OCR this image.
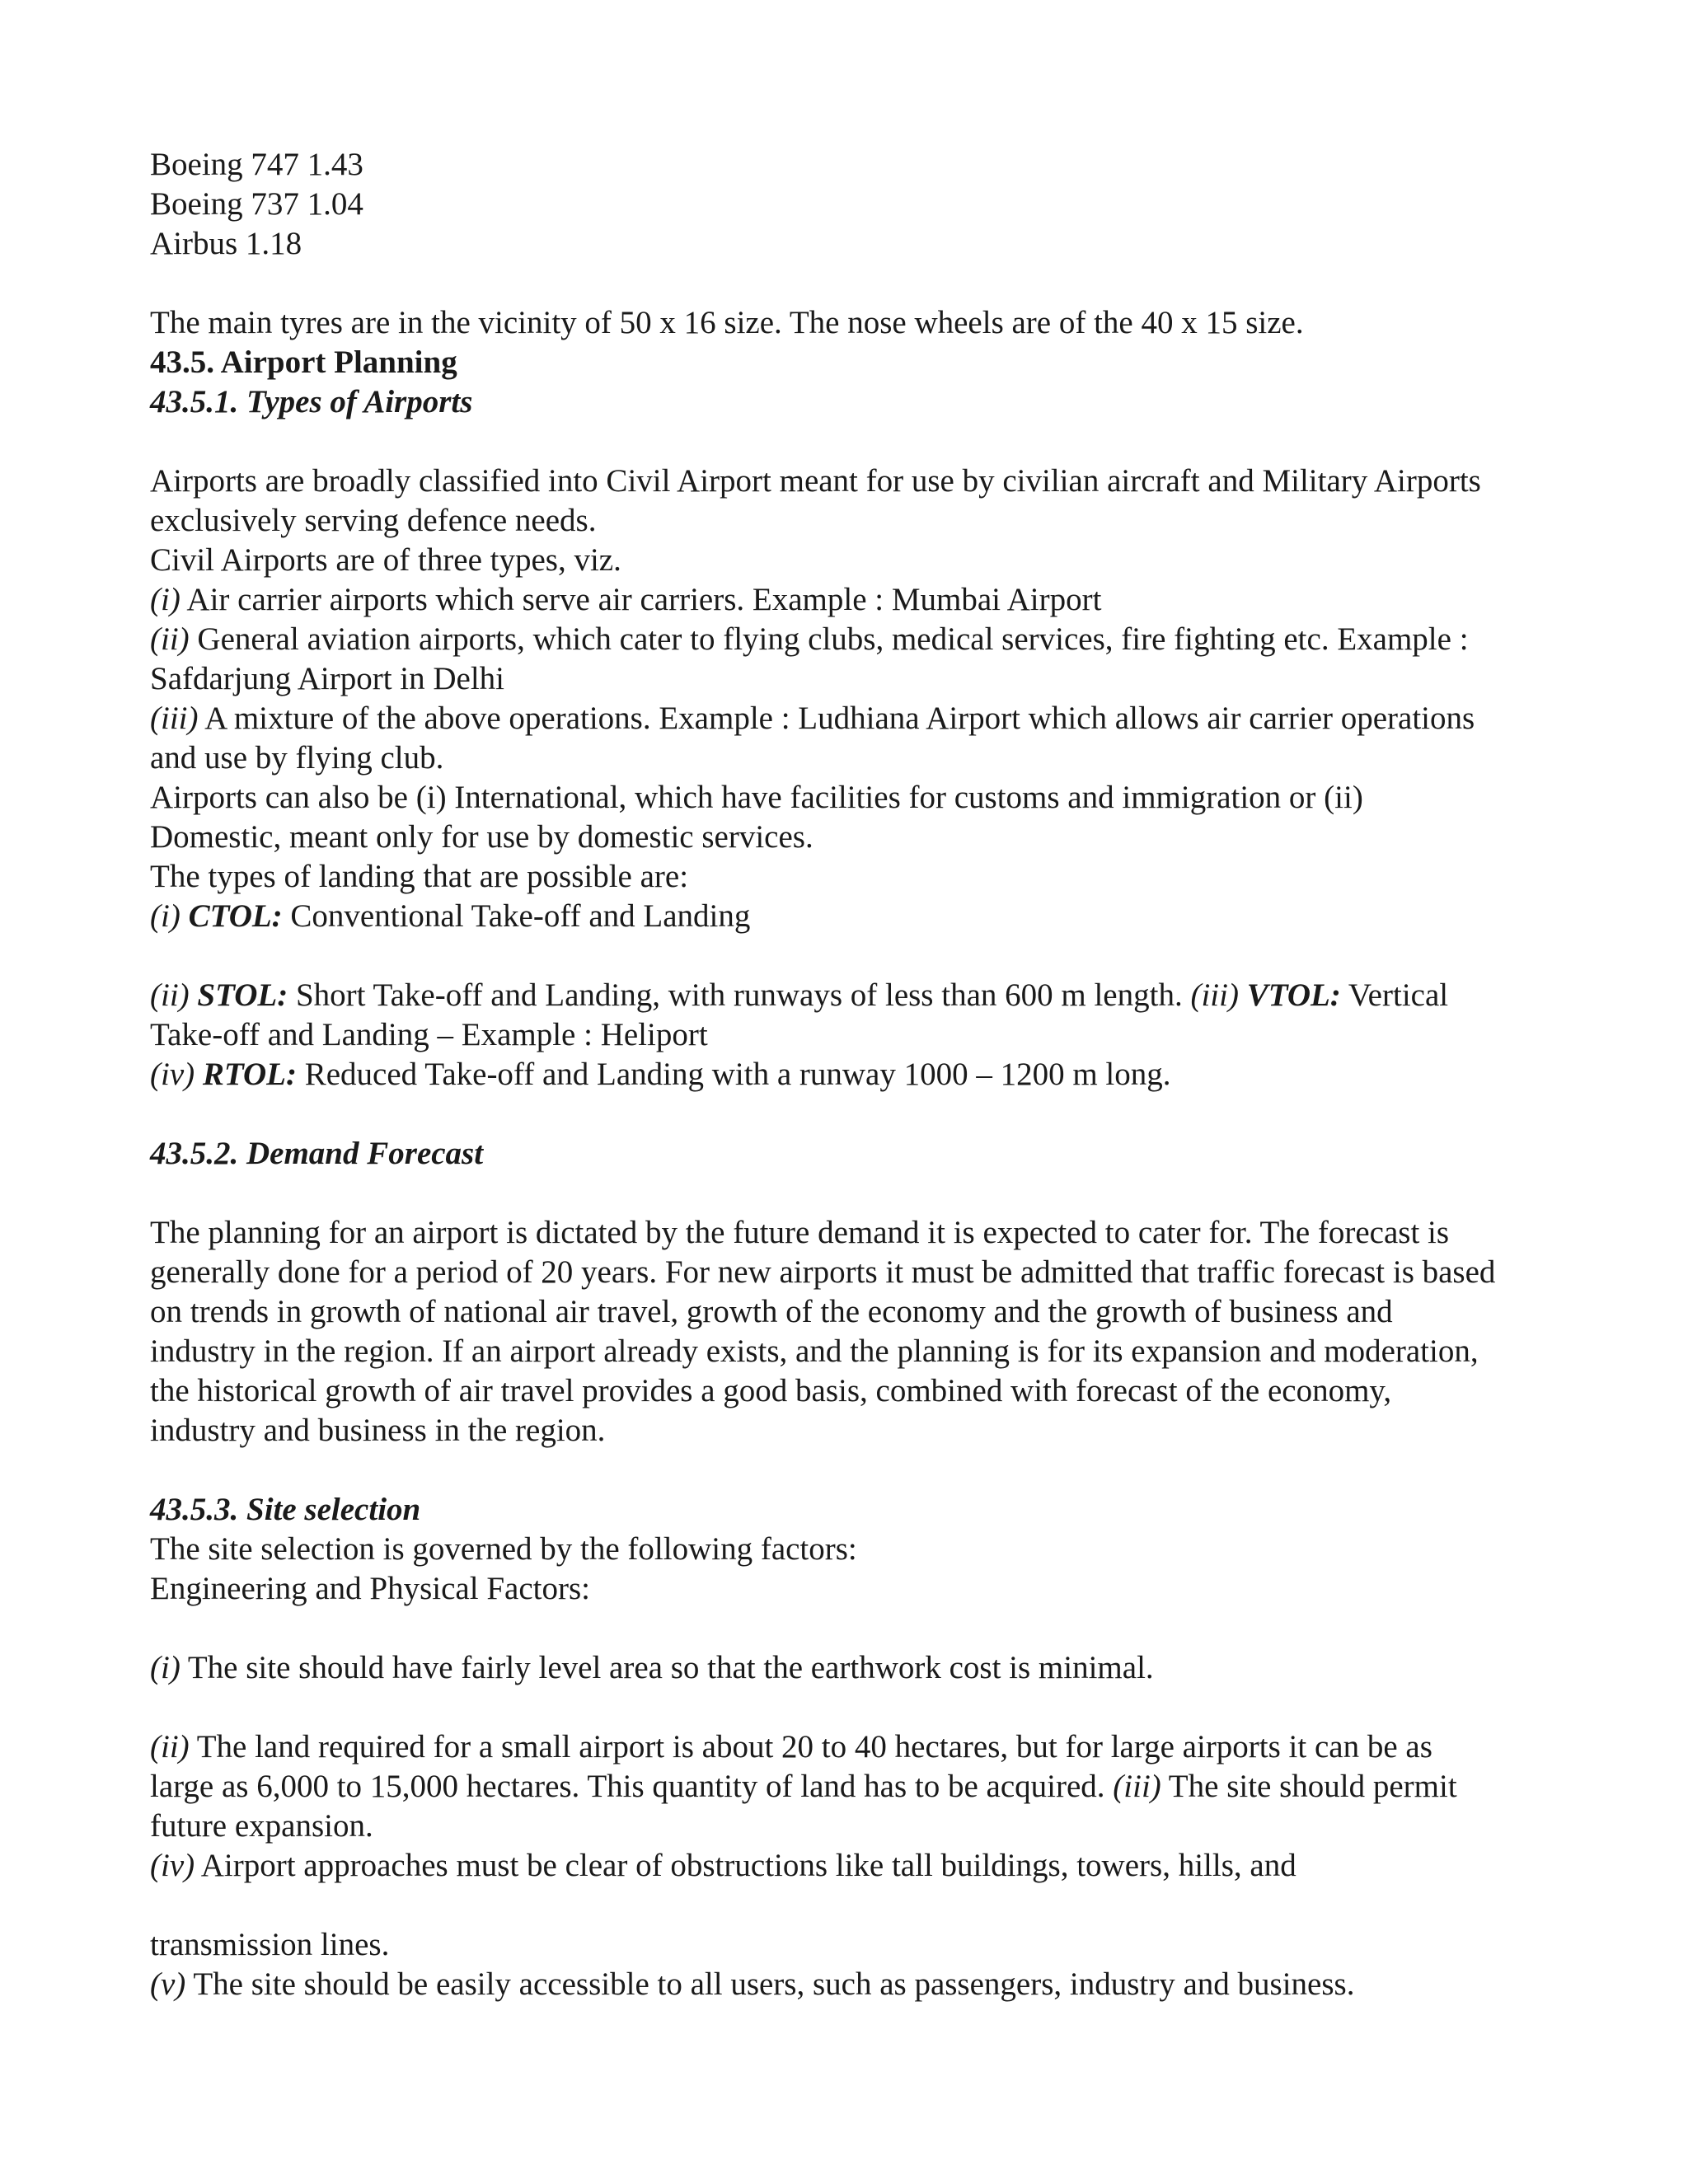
Boeing 747 1.43

Boeing 737 1.04

Airbus 1.18

The main tyres are in the vicinity of 50 x 16 size. The nose wheels are of the 40 x 15 size.

43.5. Airport Planning

43.5.1. Types of Airports

Airports are broadly classified into Civil Airport meant for use by civilian aircraft and Military Airports

exclusively serving defence needs.

Civil Airports are of three types, viz.

(i) Air carrier airports which serve air carriers. Example : Mumbai Airport

(ii) General aviation airports, which cater to flying clubs, medical services, fire fighting etc. Example :

Safdarjung Airport in Delhi

(iii) A mixture of the above operations. Example : Ludhiana Airport which allows air carrier operations

and use by flying club.

Airports can also be (i) International, which have facilities for customs and immigration or (ii)

Domestic, meant only for use by domestic services.

The types of landing that are possible are:

(i) CTOL: Conventional Take-off and Landing

(ii) STOL: Short Take-off and Landing, with runways of less than 600 m length. (iii) VTOL: Vertical

Take-off and Landing – Example : Heliport

(iv) RTOL: Reduced Take-off and Landing with a runway 1000 – 1200 m long.

43.5.2. Demand Forecast

The planning for an airport is dictated by the future demand it is expected to cater for. The forecast is

generally done for a period of 20 years. For new airports it must be admitted that traffic forecast is based

on trends in growth of national air travel, growth of the economy and the growth of business and

industry in the region. If an airport already exists, and the planning is for its expansion and moderation,

the historical growth of air travel provides a good basis, combined with forecast of the economy,

industry and business in the region.

43.5.3. Site selection

The site selection is governed by the following factors:

Engineering and Physical Factors:

(i) The site should have fairly level area so that the earthwork cost is minimal.

(ii) The land required for a small airport is about 20 to 40 hectares, but for large airports it can be as

large as 6,000 to 15,000 hectares. This quantity of land has to be acquired. (iii) The site should permit

future expansion.

(iv) Airport approaches must be clear of obstructions like tall buildings, towers, hills, and

transmission lines.

(v) The site should be easily accessible to all users, such as passengers, industry and business.
